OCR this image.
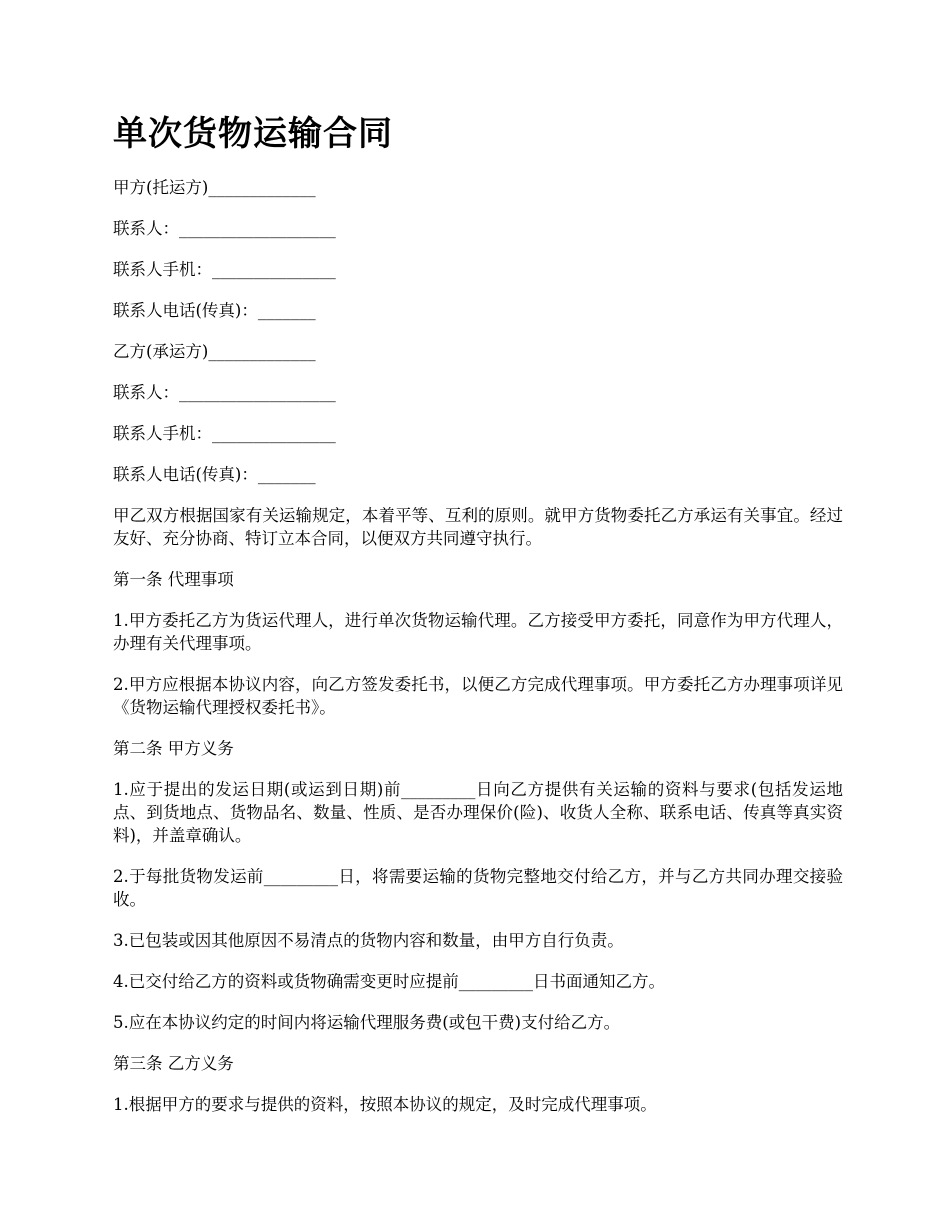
单次货物运输合同

甲方(托运方)_____________

联系人：___________________

联系人手机：_______________

联系人电话(传真)：_______

乙方(承运方)_____________

联系人：___________________

联系人手机：_______________

联系人电话(传真)：_______

甲乙双方根据国家有关运输规定，本着平等、互利的原则。就甲方货物委托乙方承运有关事宜。经过友好、充分协商、特订立本合同，以便双方共同遵守执行。

第一条 代理事项

1.甲方委托乙方为货运代理人，进行单次货物运输代理。乙方接受甲方委托，同意作为甲方代理人，办理有关代理事项。

2.甲方应根据本协议内容，向乙方签发委托书，以便乙方完成代理事项。甲方委托乙方办理事项详见《货物运输代理授权委托书》。

第二条 甲方义务

1.应于提出的发运日期(或运到日期)前_________日向乙方提供有关运输的资料与要求(包括发运地点、到货地点、货物品名、数量、性质、是否办理保价(险)、收货人全称、联系电话、传真等真实资料)，并盖章确认。

2.于每批货物发运前_________日，将需要运输的货物完整地交付给乙方，并与乙方共同办理交接验收。

3.已包装或因其他原因不易清点的货物内容和数量，由甲方自行负责。

4.已交付给乙方的资料或货物确需变更时应提前_________日书面通知乙方。

5.应在本协议约定的时间内将运输代理服务费(或包干费)支付给乙方。

第三条 乙方义务

1.根据甲方的要求与提供的资料，按照本协议的规定，及时完成代理事项。
